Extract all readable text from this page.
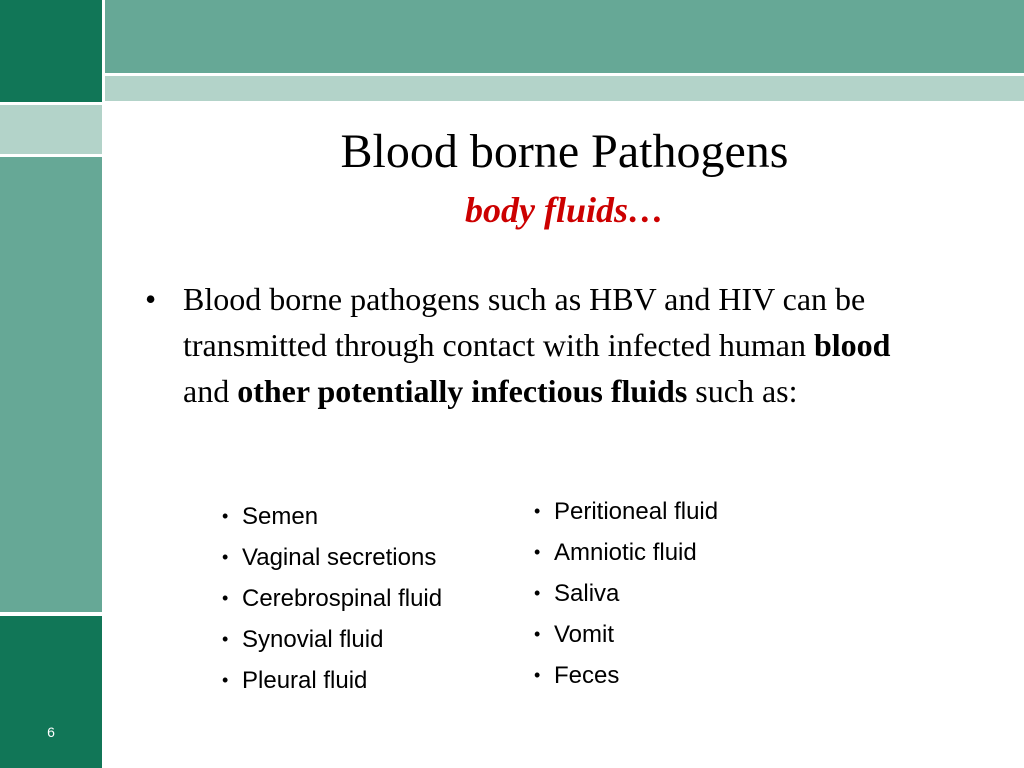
6
Blood borne Pathogens
body fluids…
• Blood borne pathogens such as HBV and HIV can be transmitted through contact with infected human blood and other potentially infectious fluids such as:
• Semen
• Vaginal secretions
• Cerebrospinal fluid
• Synovial fluid
• Pleural fluid
• Peritioneal fluid
• Amniotic fluid
• Saliva
• Vomit
• Feces
